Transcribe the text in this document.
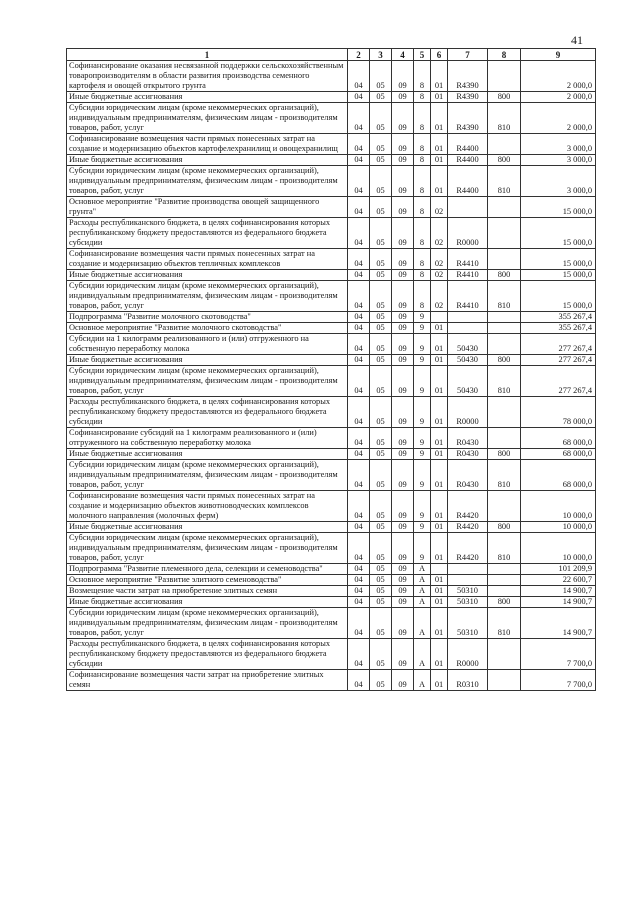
41
1	2	3	4	5	6	7	8	9
Софинансирование оказания несвязанной поддержки сельскохозяйственным товаропроизводителям в области развития производства семенного картофеля и овощей открытого грунта	04	05	09	8	01	R4390		2 000,0
Иные бюджетные ассигнования	04	05	09	8	01	R4390	800	2 000,0
Субсидии юридическим лицам (кроме некоммерческих организаций), индивидуальным предпринимателям, физическим лицам - производителям товаров, работ, услуг	04	05	09	8	01	R4390	810	2 000,0
Софинансирование возмещения части прямых понесенных затрат на создание и модернизацию объектов картофелехранилищ и овощехранилищ	04	05	09	8	01	R4400		3 000,0
Иные бюджетные ассигнования	04	05	09	8	01	R4400	800	3 000,0
Субсидии юридическим лицам (кроме некоммерческих организаций), индивидуальным предпринимателям, физическим лицам - производителям товаров, работ, услуг	04	05	09	8	01	R4400	810	3 000,0
Основное мероприятие "Развитие производства овощей защищенного грунта"	04	05	09	8	02			15 000,0
Расходы республиканского бюджета, в целях софинансирования которых республиканскому бюджету предоставляются из федерального бюджета субсидии	04	05	09	8	02	R0000		15 000,0
Софинансирование возмещения части прямых понесенных затрат на создание и модернизацию объектов тепличных комплексов	04	05	09	8	02	R4410		15 000,0
Иные бюджетные ассигнования	04	05	09	8	02	R4410	800	15 000,0
Субсидии юридическим лицам (кроме некоммерческих организаций), индивидуальным предпринимателям, физическим лицам - производителям товаров, работ, услуг	04	05	09	8	02	R4410	810	15 000,0
Подпрограмма "Развитие молочного скотоводства"	04	05	09	9				355 267,4
Основное мероприятие "Развитие молочного скотоводства"	04	05	09	9	01			355 267,4
Субсидии на 1 килограмм реализованного и (или) отгруженного на собственную переработку молока	04	05	09	9	01	50430		277 267,4
Иные бюджетные ассигнования	04	05	09	9	01	50430	800	277 267,4
Субсидии юридическим лицам (кроме некоммерческих организаций), индивидуальным предпринимателям, физическим лицам - производителям товаров, работ, услуг	04	05	09	9	01	50430	810	277 267,4
Расходы республиканского бюджета, в целях софинансирования которых республиканскому бюджету предоставляются из федерального бюджета субсидии	04	05	09	9	01	R0000		78 000,0
Софинансирование субсидий на 1 килограмм реализованного и (или) отгруженного на собственную переработку молока	04	05	09	9	01	R0430		68 000,0
Иные бюджетные ассигнования	04	05	09	9	01	R0430	800	68 000,0
Субсидии юридическим лицам (кроме некоммерческих организаций), индивидуальным предпринимателям, физическим лицам - производителям товаров, работ, услуг	04	05	09	9	01	R0430	810	68 000,0
Софинансирование возмещения части прямых понесенных затрат на создание и модернизацию объектов животноводческих комплексов молочного направления (молочных ферм)	04	05	09	9	01	R4420		10 000,0
Иные бюджетные ассигнования	04	05	09	9	01	R4420	800	10 000,0
Субсидии юридическим лицам (кроме некоммерческих организаций), индивидуальным предпринимателям, физическим лицам - производителям товаров, работ, услуг	04	05	09	9	01	R4420	810	10 000,0
Подпрограмма "Развитие племенного дела, селекции и семеноводства"	04	05	09	А				101 209,9
Основное мероприятие "Развитие элитного семеноводства"	04	05	09	А	01			22 600,7
Возмещение части затрат на приобретение элитных семян	04	05	09	А	01	50310		14 900,7
Иные бюджетные ассигнования	04	05	09	А	01	50310	800	14 900,7
Субсидии юридическим лицам (кроме некоммерческих организаций), индивидуальным предпринимателям, физическим лицам - производителям товаров, работ, услуг	04	05	09	А	01	50310	810	14 900,7
Расходы республиканского бюджета, в целях софинансирования которых республиканскому бюджету предоставляются из федерального бюджета субсидии	04	05	09	А	01	R0000		7 700,0
Софинансирование возмещения части затрат на приобретение элитных семян	04	05	09	А	01	R0310		7 700,0
